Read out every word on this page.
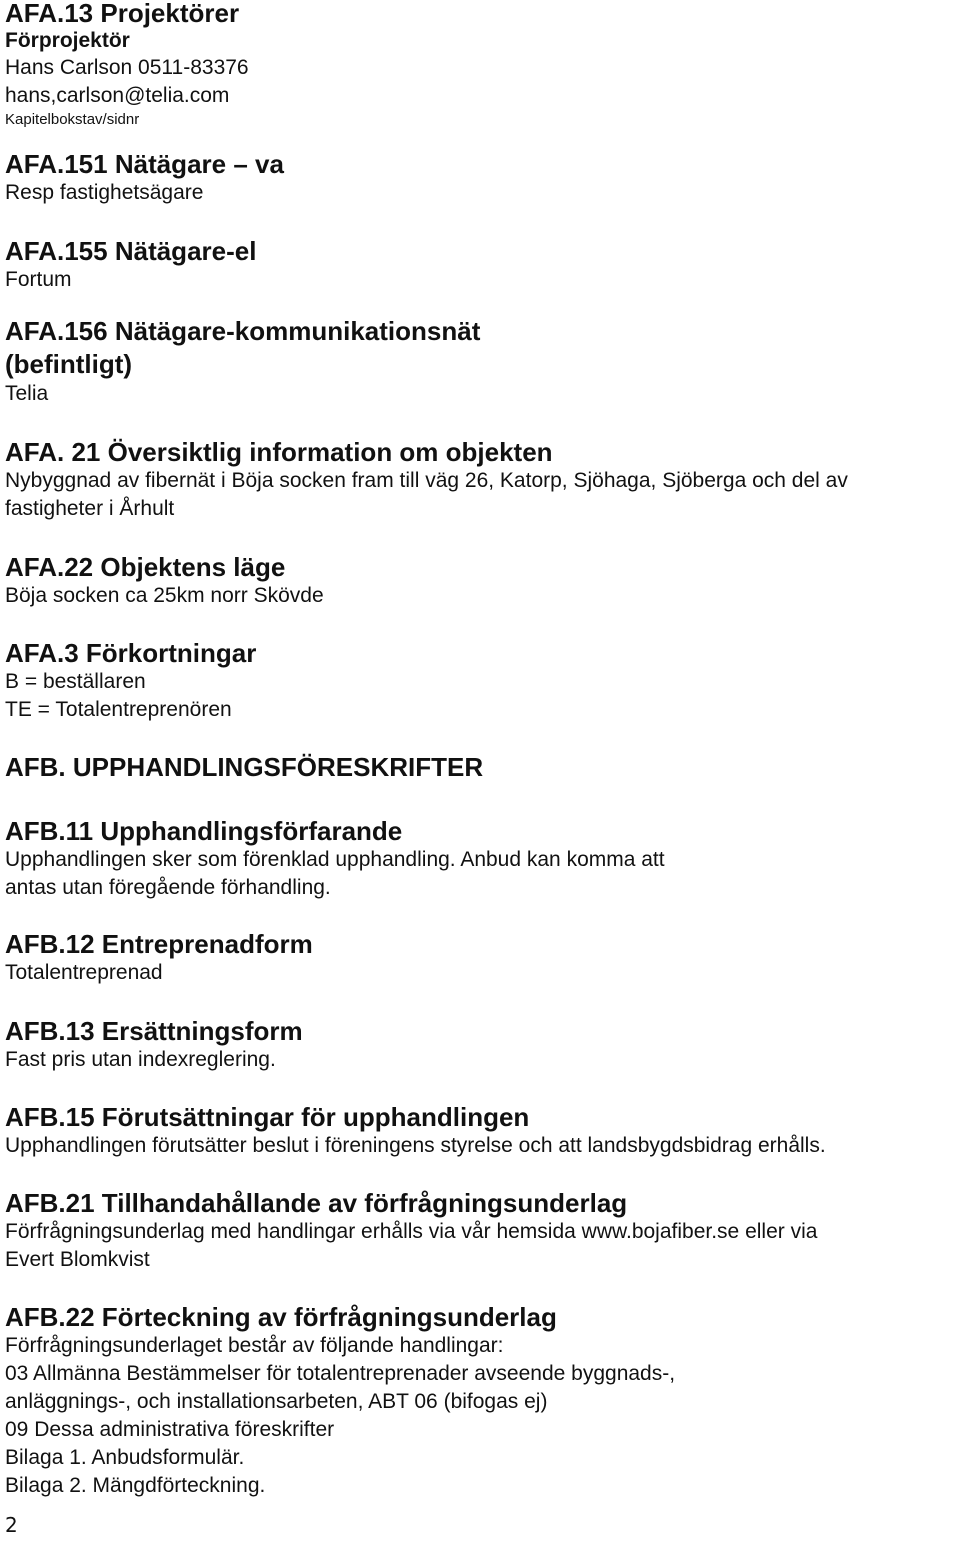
AFA.13 Projektörer
Förprojektör
Hans Carlson 0511-83376
hans,carlson@telia.com
Kapitelbokstav/sidnr
AFA.151 Nätägare – va
Resp fastighetsägare
AFA.155 Nätägare-el
Fortum
AFA.156 Nätägare-kommunikationsnät
(befintligt)
Telia
AFA. 21 Översiktlig information om objekten
Nybyggnad av fibernät i Böja socken fram till väg 26, Katorp, Sjöhaga, Sjöberga och del av
fastigheter i Århult
AFA.22 Objektens läge
Böja socken ca 25km norr Skövde
AFA.3 Förkortningar
B = beställaren
TE = Totalentreprenören
AFB. UPPHANDLINGSFÖRESKRIFTER
AFB.11 Upphandlingsförfarande
Upphandlingen sker som förenklad upphandling. Anbud kan komma att
antas utan föregående förhandling.
AFB.12 Entreprenadform
Totalentreprenad
AFB.13 Ersättningsform
Fast pris utan indexreglering.
AFB.15 Förutsättningar för upphandlingen
Upphandlingen förutsätter beslut i föreningens styrelse och att landsbygdsbidrag erhålls.
AFB.21 Tillhandahållande av förfrågningsunderlag
Förfrågningsunderlag med handlingar erhålls via vår hemsida www.bojafiber.se eller via
Evert Blomkvist
AFB.22 Förteckning av förfrågningsunderlag
Förfrågningsunderlaget består av följande handlingar:
03 Allmänna Bestämmelser för totalentreprenader avseende byggnads-,
anläggnings-, och installationsarbeten, ABT 06 (bifogas ej)
09 Dessa administrativa föreskrifter
Bilaga 1. Anbudsformulär.
Bilaga 2. Mängdförteckning.
2
